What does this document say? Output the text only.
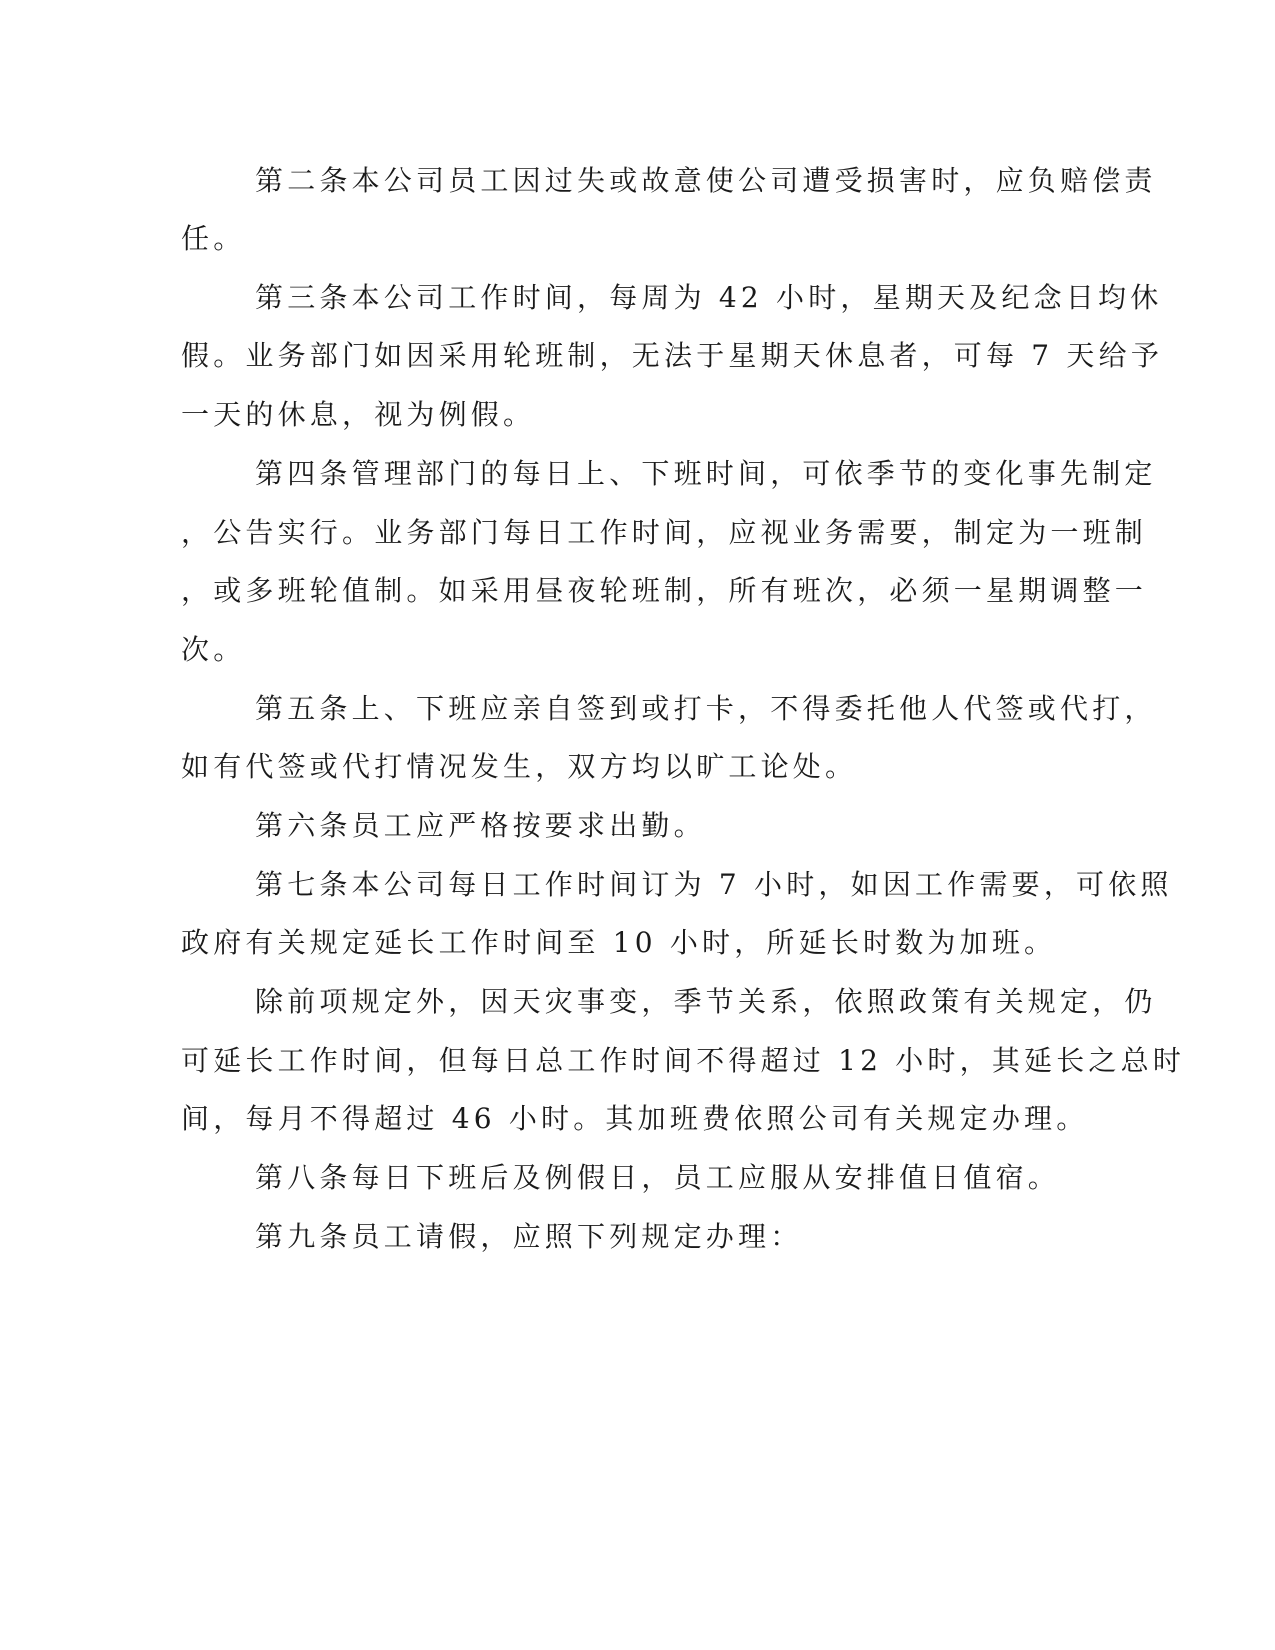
第二条本公司员工因过失或故意使公司遭受损害时，应负赔偿责
任。
第三条本公司工作时间，每周为 42 小时，星期天及纪念日均休
假。业务部门如因采用轮班制，无法于星期天休息者，可每 7 天给予
一天的休息，视为例假。
第四条管理部门的每日上、下班时间，可依季节的变化事先制定
，公告实行。业务部门每日工作时间，应视业务需要，制定为一班制
，或多班轮值制。如采用昼夜轮班制，所有班次，必须一星期调整一
次。
第五条上、下班应亲自签到或打卡，不得委托他人代签或代打，
如有代签或代打情况发生，双方均以旷工论处。
第六条员工应严格按要求出勤。
第七条本公司每日工作时间订为 7 小时，如因工作需要，可依照
政府有关规定延长工作时间至 10 小时，所延长时数为加班。
除前项规定外，因天灾事变，季节关系，依照政策有关规定，仍
可延长工作时间，但每日总工作时间不得超过 12 小时，其延长之总时
间，每月不得超过 46 小时。其加班费依照公司有关规定办理。
第八条每日下班后及例假日，员工应服从安排值日值宿。
第九条员工请假，应照下列规定办理：
